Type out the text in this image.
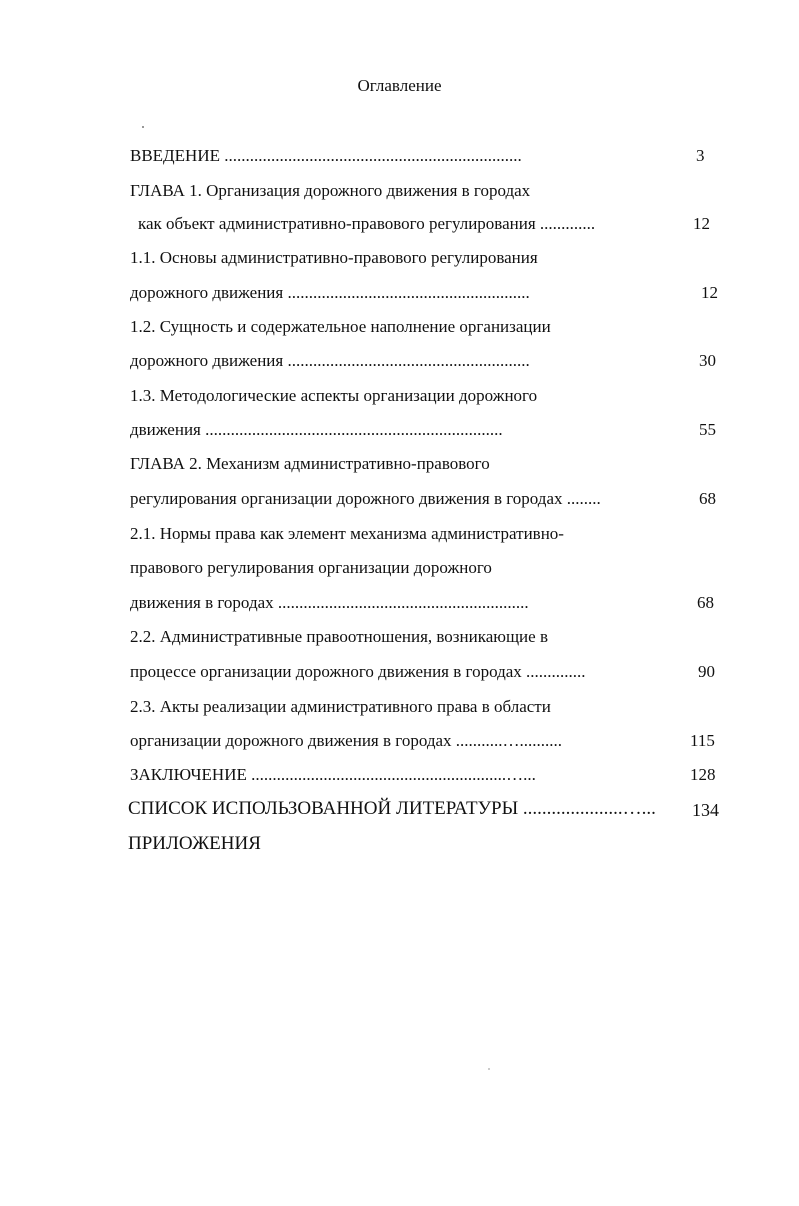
Оглавление
ВВЕДЕНИЕ ......................................................................	3
ГЛАВА 1. Организация дорожного движения в городах
как объект административно-правового регулирования .............	12
1.1. Основы административно-правового регулирования
дорожного движения .........................................................	12
1.2. Сущность и содержательное наполнение организации
дорожного движения .........................................................	30
1.3. Методологические аспекты организации дорожного
движения ......................................................................	55
ГЛАВА 2. Механизм административно-правового
регулирования организации дорожного движения в городах ........	68
2.1. Нормы права как элемент механизма административно-
правового регулирования организации дорожного
движения в городах ...........................................................	68
2.2. Административные правоотношения, возникающие в
процессе организации дорожного движения в городах ..............	90
2.3. Акты реализации административного права в области
организации дорожного движения в городах ...........…..........	115
ЗАКЛЮЧЕНИЕ ............................................................…...	128
СПИСОК ИСПОЛЬЗОВАННОЙ ЛИТЕРАТУРЫ .....................…... 134
ПРИЛОЖЕНИЯ
